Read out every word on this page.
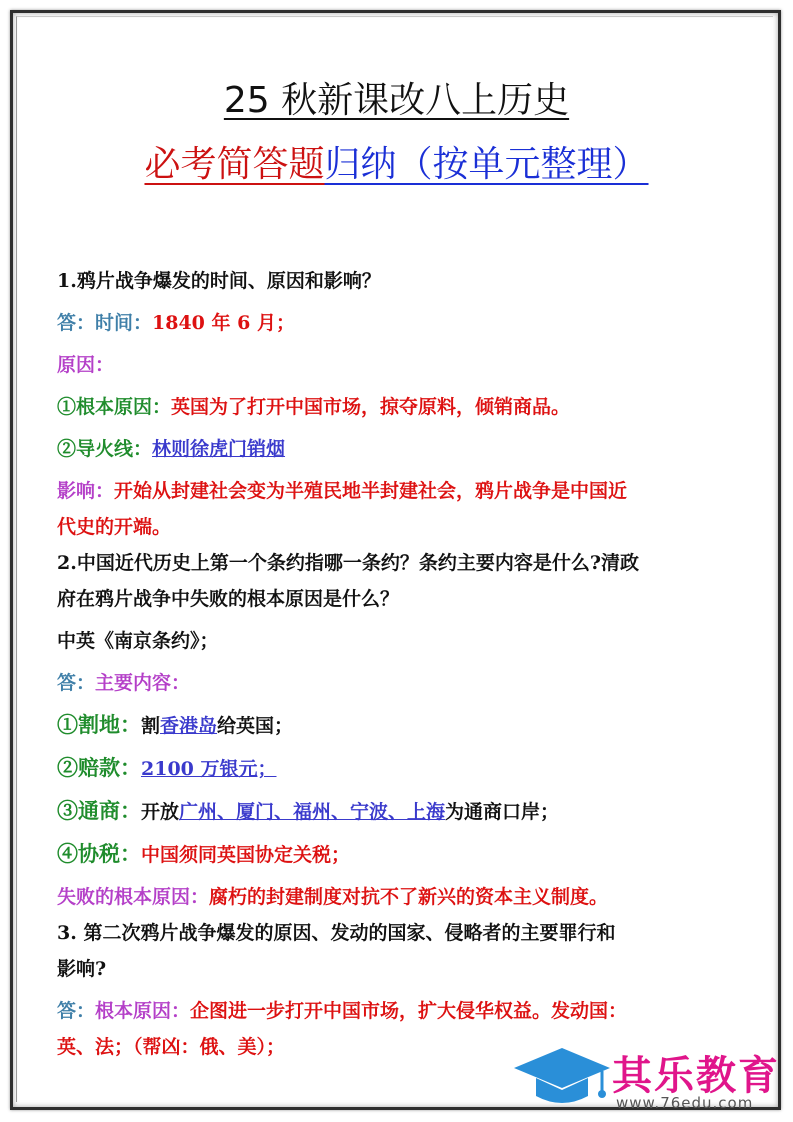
25 秋新课改八上历史
必考简答题归纳（按单元整理）
1.鸦片战争爆发的时间、原因和影响？
答：时间：1840 年 6 月；
原因：
①根本原因：英国为了打开中国市场，掠夺原料，倾销商品。
②导火线：林则徐虎门销烟
影响：开始从封建社会变为半殖民地半封建社会，鸦片战争是中国近
代史的开端。
2.中国近代历史上第一个条约指哪一条约？条约主要内容是什么?清政
府在鸦片战争中失败的根本原因是什么？
中英《南京条约》；
答：主要内容：
①割地：割香港岛给英国；
②赔款：2100 万银元；
③通商：开放广州、厦门、福州、宁波、上海为通商口岸；
④协税：中国须同英国协定关税；
失败的根本原因：腐朽的封建制度对抗不了新兴的资本主义制度。
3. 第二次鸦片战争爆发的原因、发动的国家、侵略者的主要罪行和
影响?
答：根本原因：企图进一步打开中国市场，扩大侵华权益。发动国：
英、法；（帮凶：俄、美）；
其乐教育
www.76edu.com
